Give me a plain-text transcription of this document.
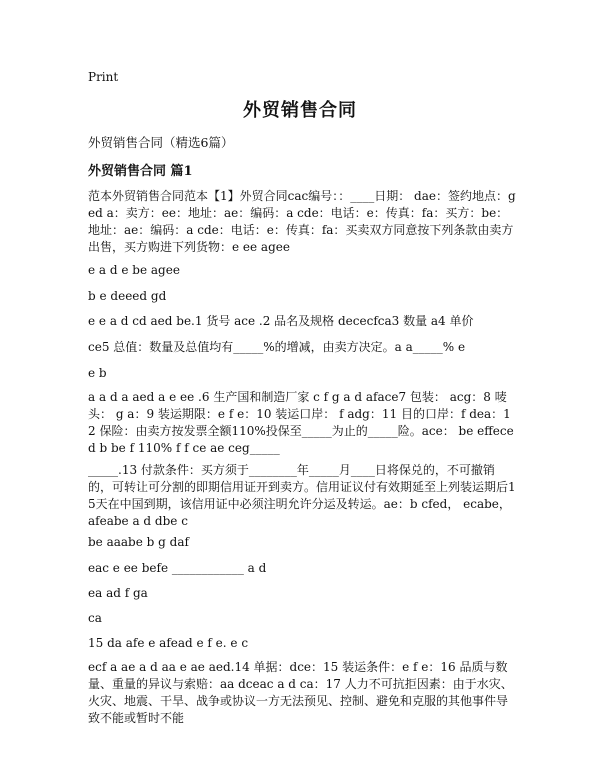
Print
外贸销售合同
外贸销售合同（精选6篇）
外贸销售合同 篇1
范本外贸销售合同范本【1】外贸合同cac编号：：____日期： dae：签约地点：ged a：卖方：ee：地址：ae：编码：a cde：电话：e：传真：fa：买方：be：地址：ae：编码：a cde：电话：e：传真：fa：买卖双方同意按下列条款由卖方出售，买方购进下列货物：e ee agee
e a d e be agee
b e deeed gd
e e a d cd aed be.1 货号 ace .2 品名及规格 dececfca3 数量 a4 单价
ce5 总值：数量及总值均有_____%的增减，由卖方决定。a a_____% e
e b
a a d a aed a e ee .6 生产国和制造厂家 c f g a d aface7 包装： acg：8 唛头： g a：9 装运期限：e f e：10 装运口岸： f adg：11 目的口岸：f dea：12 保险：由卖方按发票全额110%投保至_____为止的_____险。ace： be effeced b be f 110% f f ce ae ceg_____
_____.13 付款条件：买方须于________年_____月____日将保兑的，不可撤销的，可转让可分割的即期信用证开到卖方。信用证议付有效期延至上列装运期后15天在中国到期，该信用证中必须注明允许分运及转运。ae：b cfed， ecabe， afeabe a d dbe c
be aaabe b g daf
eac e ee befe ____________ a d
ea ad f ga
ca
15 da afe e afead e f e. e c
ecf a ae a d aa e ae aed.14 单据：dce：15 装运条件：e f e：16 品质与数量、重量的异议与索赔：aa dceac a d ca：17 人力不可抗拒因素：由于水灾、火灾、地震、干旱、战争或协议一方无法预见、控制、避免和克服的其他事件导致不能或暂时不能
